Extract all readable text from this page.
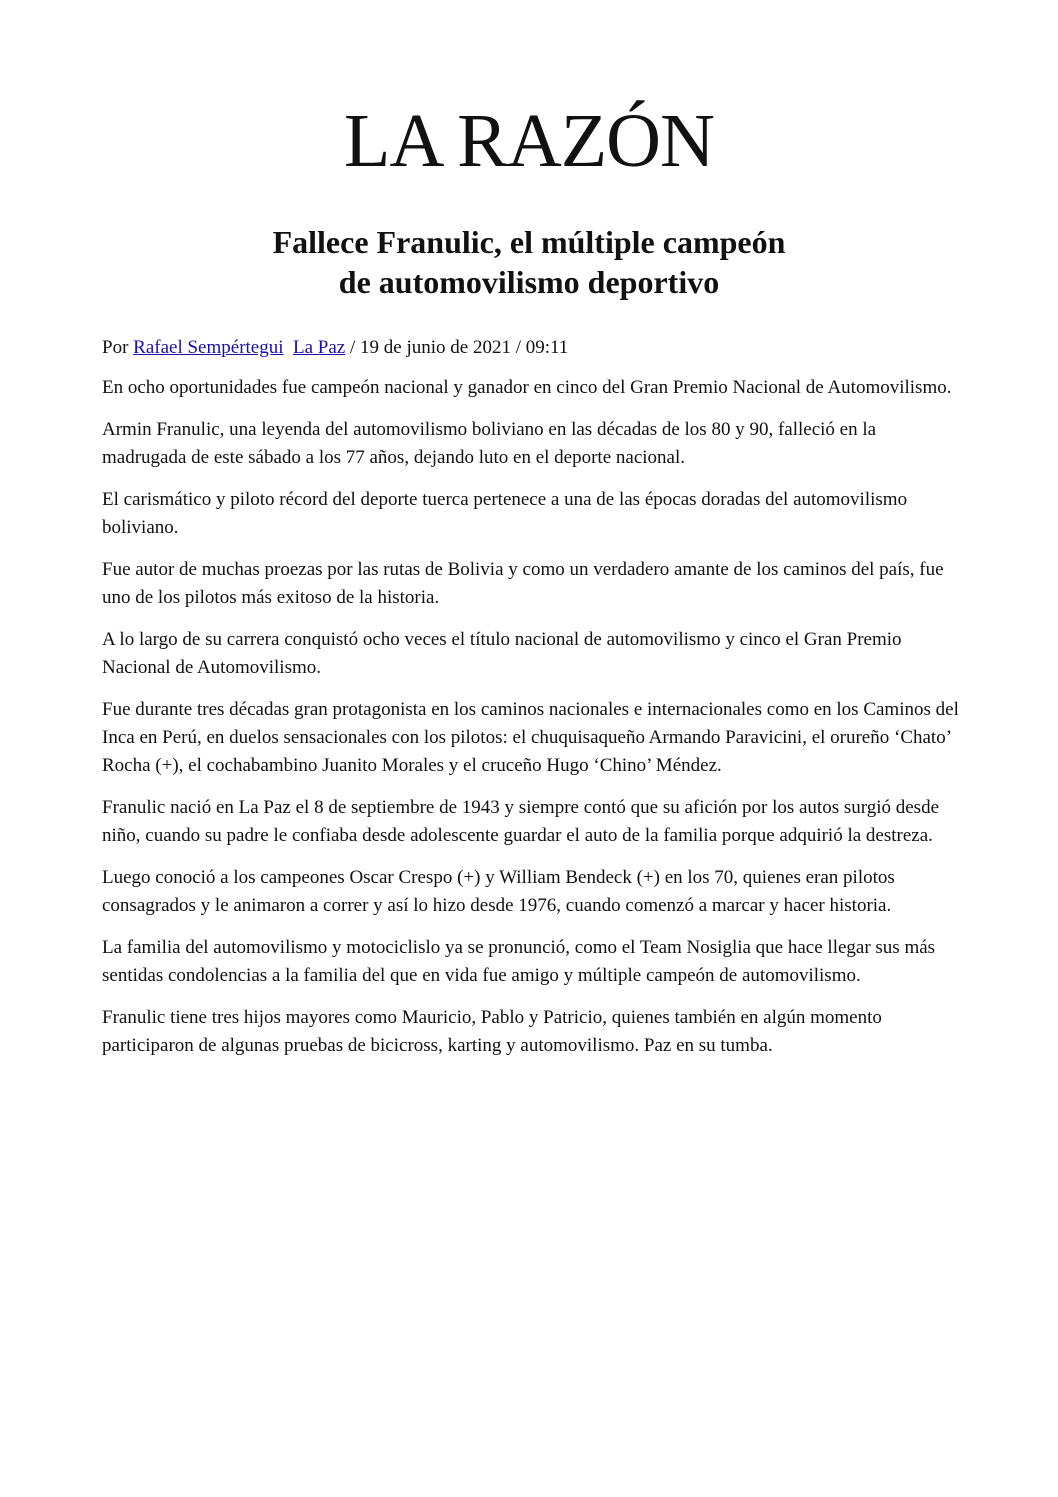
LA RAZÓN
Fallece Franulic, el múltiple campeón
de automovilismo deportivo

Por Rafael Sempértegui La Paz / 19 de junio de 2021 / 09:11

En ocho oportunidades fue campeón nacional y ganador en cinco del Gran Premio Nacional de Automovilismo.

Armin Franulic, una leyenda del automovilismo boliviano en las décadas de los 80 y 90, falleció en la madrugada de este sábado a los 77 años, dejando luto en el deporte nacional.

El carismático y piloto récord del deporte tuerca pertenece a una de las épocas doradas del automovilismo boliviano.

Fue autor de muchas proezas por las rutas de Bolivia y como un verdadero amante de los caminos del país, fue uno de los pilotos más exitoso de la historia.

A lo largo de su carrera conquistó ocho veces el título nacional de automovilismo y cinco el Gran Premio Nacional de Automovilismo.

Fue durante tres décadas gran protagonista en los caminos nacionales e internacionales como en los Caminos del Inca en Perú, en duelos sensacionales con los pilotos: el chuquisaqueño Armando Paravicini, el orureño ‘Chato’ Rocha (+), el cochabambino Juanito Morales y el cruceño Hugo ‘Chino’ Méndez.

Franulic nació en La Paz el 8 de septiembre de 1943 y siempre contó que su afición por los autos surgió desde niño, cuando su padre le confiaba desde adolescente guardar el auto de la familia porque adquirió la destreza.

Luego conoció a los campeones Oscar Crespo (+) y William Bendeck (+) en los 70, quienes eran pilotos consagrados y le animaron a correr y así lo hizo desde 1976, cuando comenzó a marcar y hacer historia.

La familia del automovilismo y motociclislo ya se pronunció, como el Team Nosiglia que hace llegar sus más sentidas condolencias a la familia del que en vida fue amigo y múltiple campeón de automovilismo.

Franulic tiene tres hijos mayores como Mauricio, Pablo y Patricio, quienes también en algún momento participaron de algunas pruebas de bicicross, karting y automovilismo. Paz en su tumba.
